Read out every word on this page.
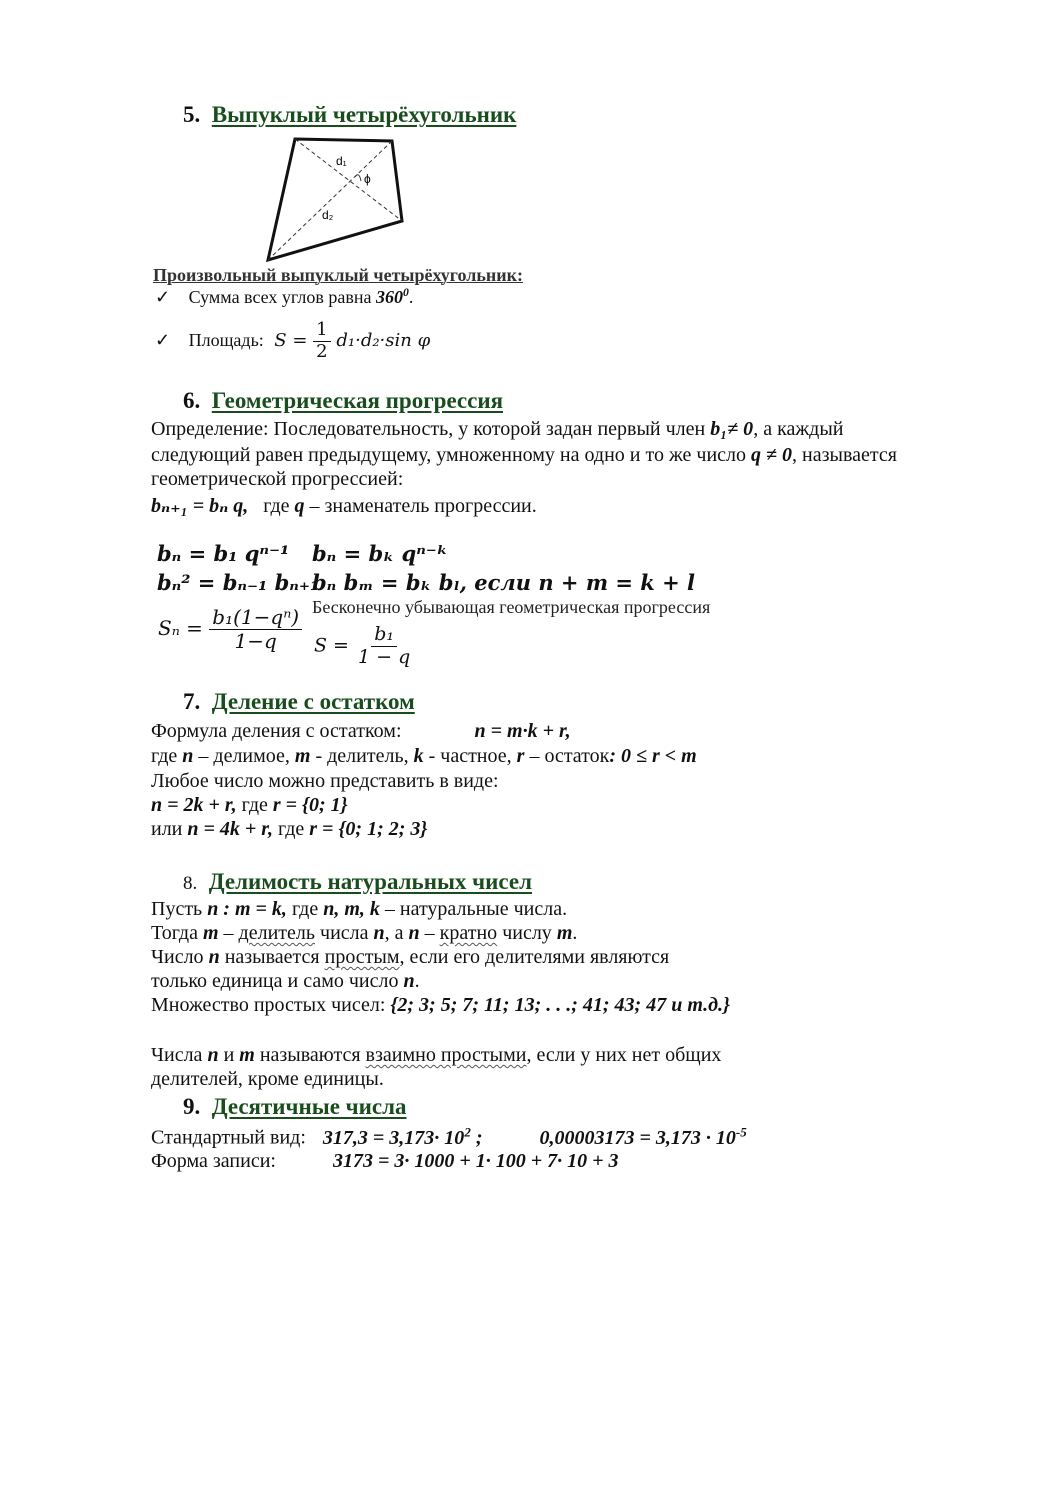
5. Выпуклый четырёхугольник
d₁
ϕ
d₂
Произвольный выпуклый четырёхугольник:
✓ Сумма всех углов равна $360^0$.
✓ Площадь: $S = \frac{1}{2} d_1\cdot d_2\cdot\sin$ φ
6. Геометрическая прогрессия
Определение: Последовательность, у которой задан первый член b₁≠ 0, а каждый
следующий равен предыдущему, умноженному на одно и то же число q ≠ 0, называется
геометрической прогрессией:
bₙ₊₁ = bₙ q, где q – знаменатель прогрессии.
bₙ = b₁ qⁿ⁻¹ bₙ = bₖ qⁿ⁻ᵏ
bₙ² = bₙ₋₁ bₙ₊₁
bₙ bₘ = bₖ bₗ, если n + m = k + l
$S_n = \frac{\text{b₁(1−qⁿ)}}{1-q}$ Бесконечно убывающая геометрическая прогрессия
$S = \frac{\text{b₁}}{1 - q}$
7. Деление с остатком
Формула деления с остатком:	n = m·k + r,
где n – делимое, m - делитель, k - частное, r – остаток: 0 ≤ r < m
Любое число можно представить в виде:
n = 2k + r, где r = {0; 1}
или n = 4k + r, где r = {0; 1; 2; 3}
8. Делимость натуральных чисел
Пусть n : m = k, где n, m, k – натуральные числа.
Тогда m – делитель числа n, а n – кратно числу m.
Число n называется простым, если его делителями являются
только единица и само число n.
Множество простых чисел: {2; 3; 5; 7; 11; 13; . . .; 41; 43; 47 и т.д.}
Числа n и m называются взаимно простыми, если у них нет общих
делителей, кроме единицы.
9. Десятичные числа
Стандартный вид: $317,3 = 3,173\cdot 10^2$ ;	$0,00003173 = 3,173 \cdot 10^{-5}$
Форма записи:	3173 = 3· 1000 + 1· 100 + 7· 10 + 3
